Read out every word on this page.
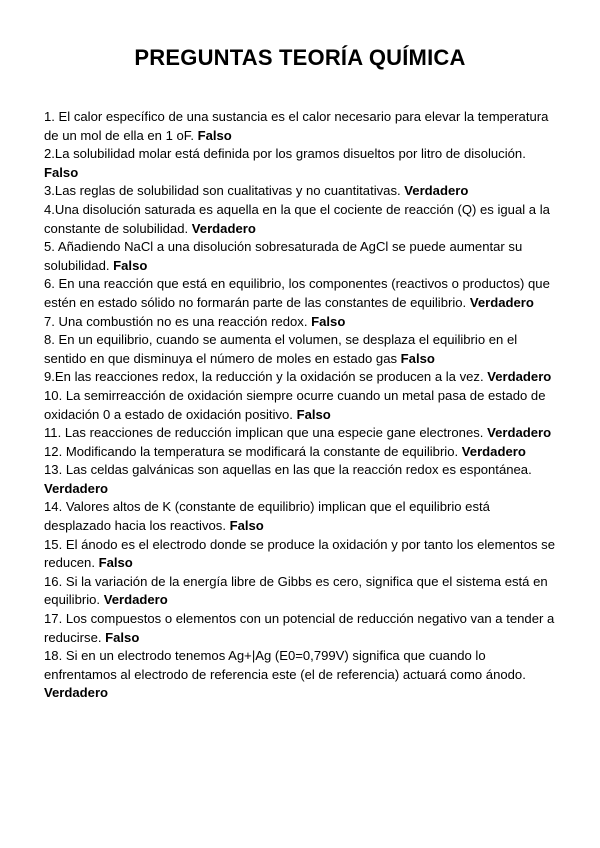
PREGUNTAS TEORÍA QUÍMICA

1. El calor específico de una sustancia es el calor necesario para elevar la temperatura de un mol de ella en 1 oF. Falso

2.La solubilidad molar está definida por los gramos disueltos por litro de disolución. Falso

3.Las reglas de solubilidad son cualitativas y no cuantitativas. Verdadero

4.Una disolución saturada es aquella en la que el cociente de reacción (Q) es igual a la constante de solubilidad. Verdadero

5. Añadiendo NaCl a una disolución sobresaturada de AgCl se puede aumentar su solubilidad. Falso

6. En una reacción que está en equilibrio, los componentes (reactivos o productos) que estén en estado sólido no formarán parte de las constantes de equilibrio. Verdadero

7. Una combustión no es una reacción redox. Falso

8. En un equilibrio, cuando se aumenta el volumen, se desplaza el equilibrio en el sentido en que disminuya el número de moles en estado gas Falso

9.En las reacciones redox, la reducción y la oxidación se producen a la vez. Verdadero

10. La semirreacción de oxidación siempre ocurre cuando un metal pasa de estado de oxidación 0 a estado de oxidación positivo. Falso

11. Las reacciones de reducción implican que una especie gane electrones. Verdadero

12. Modificando la temperatura se modificará la constante de equilibrio. Verdadero

13. Las celdas galvánicas son aquellas en las que la reacción redox es espontánea. Verdadero

14. Valores altos de K (constante de equilibrio) implican que el equilibrio está desplazado hacia los reactivos. Falso

15. El ánodo es el electrodo donde se produce la oxidación y por tanto los elementos se reducen. Falso

16. Si la variación de la energía libre de Gibbs es cero, significa que el sistema está en equilibrio. Verdadero

17. Los compuestos o elementos con un potencial de reducción negativo van a tender a reducirse. Falso

18. Si en un electrodo tenemos Ag+|Ag (E0=0,799V) significa que cuando lo enfrentamos al electrodo de referencia este (el de referencia) actuará como ánodo. Verdadero
